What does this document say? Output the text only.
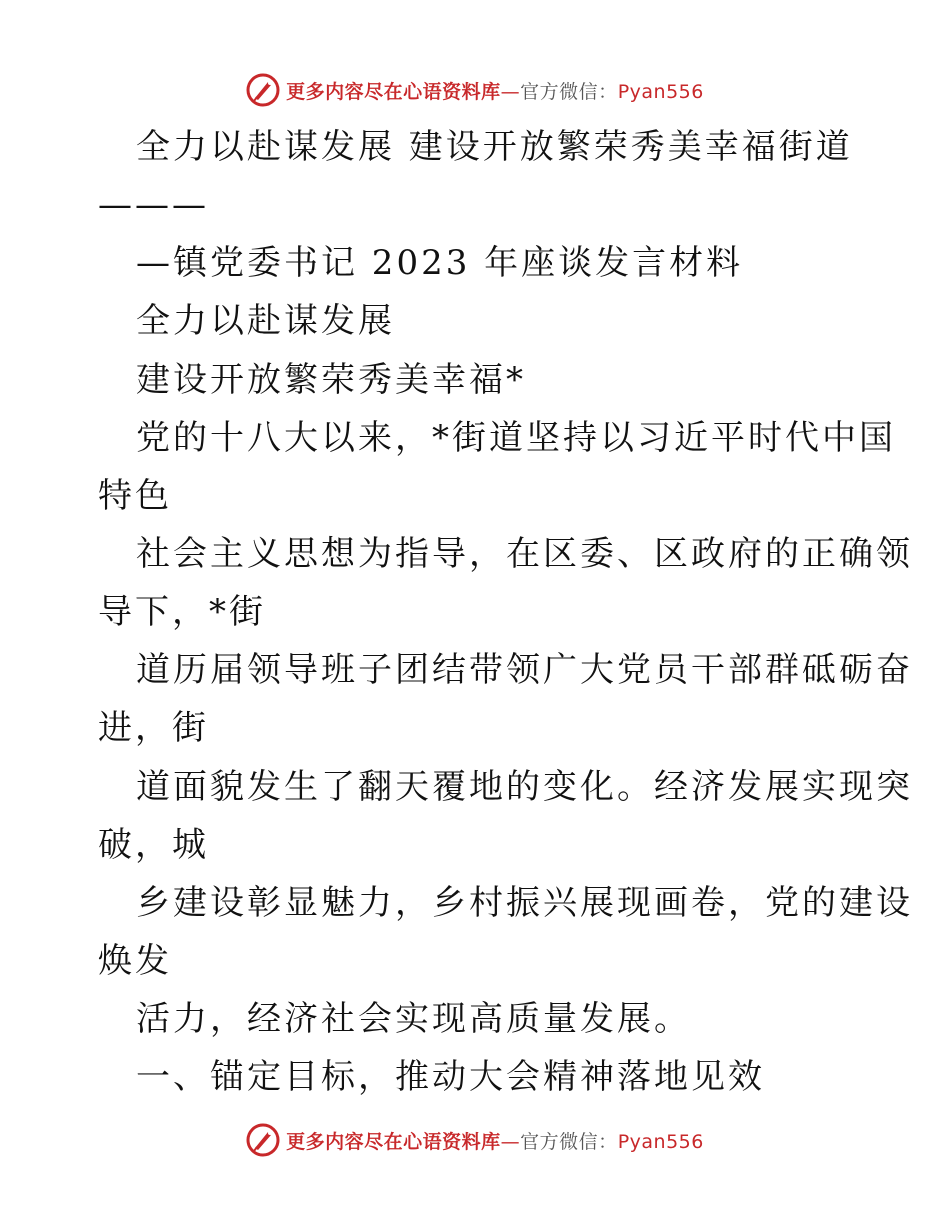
更多内容尽在心语资料库—官方微信：Pyan556
全力以赴谋发展 建设开放繁荣秀美幸福街道
———
—镇党委书记 2023 年座谈发言材料
全力以赴谋发展
建设开放繁荣秀美幸福*
党的十八大以来，*街道坚持以习近平时代中国
特色
社会主义思想为指导，在区委、区政府的正确领
导下，*街
道历届领导班子团结带领广大党员干部群砥砺奋
进，街
道面貌发生了翻天覆地的变化。经济发展实现突
破，城
乡建设彰显魅力，乡村振兴展现画卷，党的建设
焕发
活力，经济社会实现高质量发展。
一、锚定目标，推动大会精神落地见效
更多内容尽在心语资料库—官方微信：Pyan556
